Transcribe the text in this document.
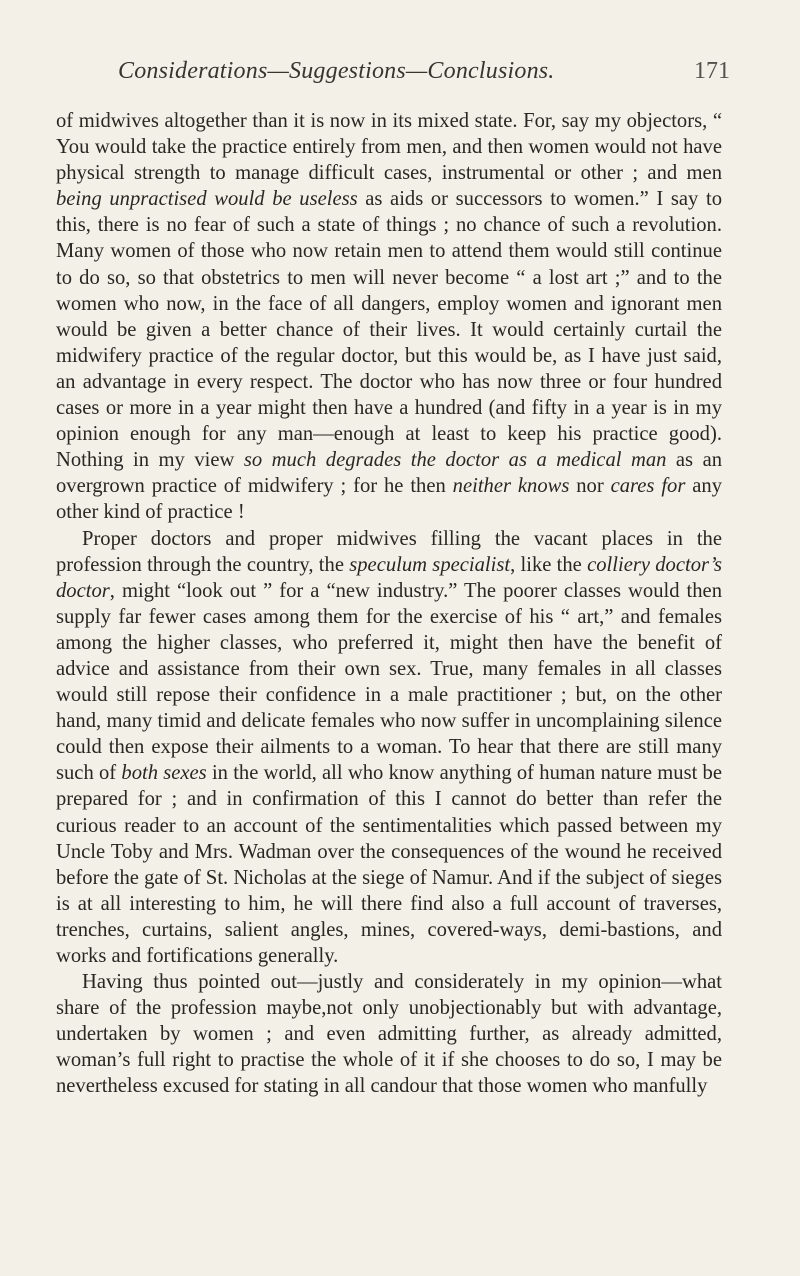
Considerations—Suggestions—Conclusions.	171

of midwives altogether than it is now in its mixed state. For, say my objectors, “ You would take the practice entirely from men, and then women would not have physical strength to manage difficult cases, instrumental or other ; and men being unpractised would be useless as aids or successors to women.” I say to this, there is no fear of such a state of things ; no chance of such a revolution. Many women of those who now retain men to attend them would still continue to do so, so that obstetrics to men will never become “ a lost art ;” and to the women who now, in the face of all dangers, employ women and ignorant men would be given a better chance of their lives. It would certainly curtail the midwifery practice of the regular doctor, but this would be, as I have just said, an advantage in every respect. The doctor who has now three or four hundred cases or more in a year might then have a hundred (and fifty in a year is in my opinion enough for any man—enough at least to keep his practice good). Nothing in my view so much degrades the doctor as a medical man as an overgrown practice of midwifery ; for he then neither knows nor cares for any other kind of practice !

Proper doctors and proper midwives filling the vacant places in the profession through the country, the speculum specialist, like the colliery doctor’s doctor, might “look out ” for a “new industry.” The poorer classes would then supply far fewer cases among them for the exercise of his “ art,” and females among the higher classes, who preferred it, might then have the benefit of advice and assistance from their own sex. True, many females in all classes would still repose their confidence in a male practitioner ; but, on the other hand, many timid and delicate females who now suffer in uncomplaining silence could then expose their ailments to a woman. To hear that there are still many such of both sexes in the world, all who know anything of human nature must be prepared for ; and in confirmation of this I cannot do better than refer the curious reader to an account of the sentimentalities which passed between my Uncle Toby and Mrs. Wadman over the consequences of the wound he received before the gate of St. Nicholas at the siege of Namur. And if the subject of sieges is at all interesting to him, he will there find also a full account of traverses, trenches, curtains, salient angles, mines, covered-ways, demi-bastions, and works and fortifications generally.

Having thus pointed out—justly and considerately in my opinion—what share of the profession maybe,not only unobjectionably but with advantage, undertaken by women ; and even admitting further, as already admitted, woman’s full right to practise the whole of it if she chooses to do so, I may be nevertheless excused for stating in all candour that those women who manfully
